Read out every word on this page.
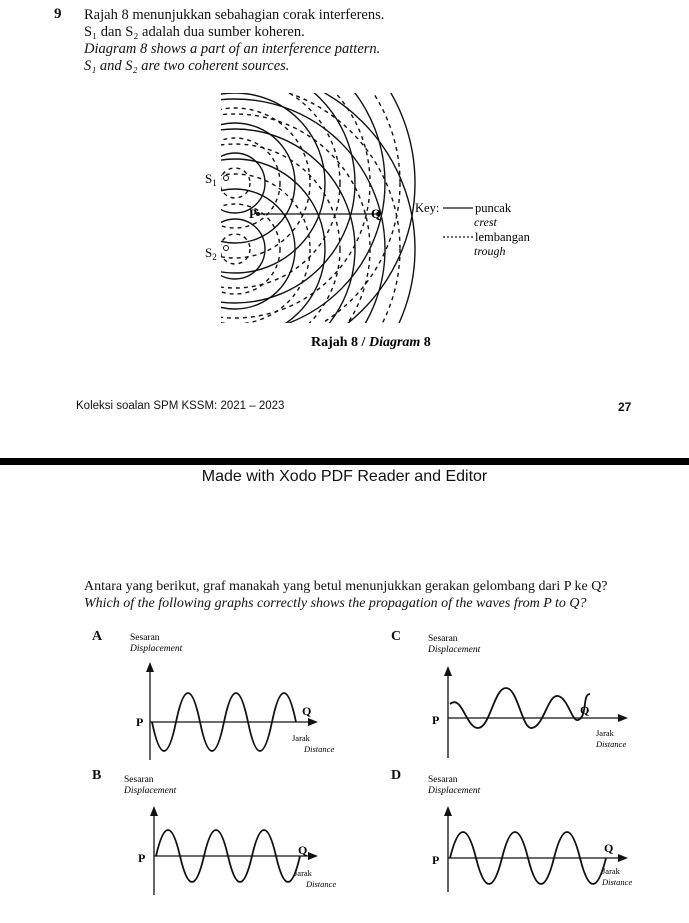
9 Rajah 8 menunjukkan sebahagian corak interferens.
S₁ dan S₂ adalah dua sumber koheren.
Diagram 8 shows a part of an interference pattern.
S₁ and S₂ are two coherent sources.
$S_1$
$S_2$
P	Q	Key:	puncak
crest
lembangan
trough
Rajah 8 / Diagram 8
Koleksi soalan SPM KSSM: 2021 – 2023	27
Made with Xodo PDF Reader and Editor
Antara yang berikut, graf manakah yang betul menunjukkan gerakan gelombang dari P ke Q?
Which of the following graphs correctly shows the propagation of the waves from P to Q?
A	Sesaran
Displacement
P
Q
Jarak
Distance
B Sesaran
Displacement
P
Q
Jarak
Distance
C	Sesaran
Displacement
P
Q
Jarak
Distance
D	Sesaran
Displacement
P
Q
Jarak
Distance
